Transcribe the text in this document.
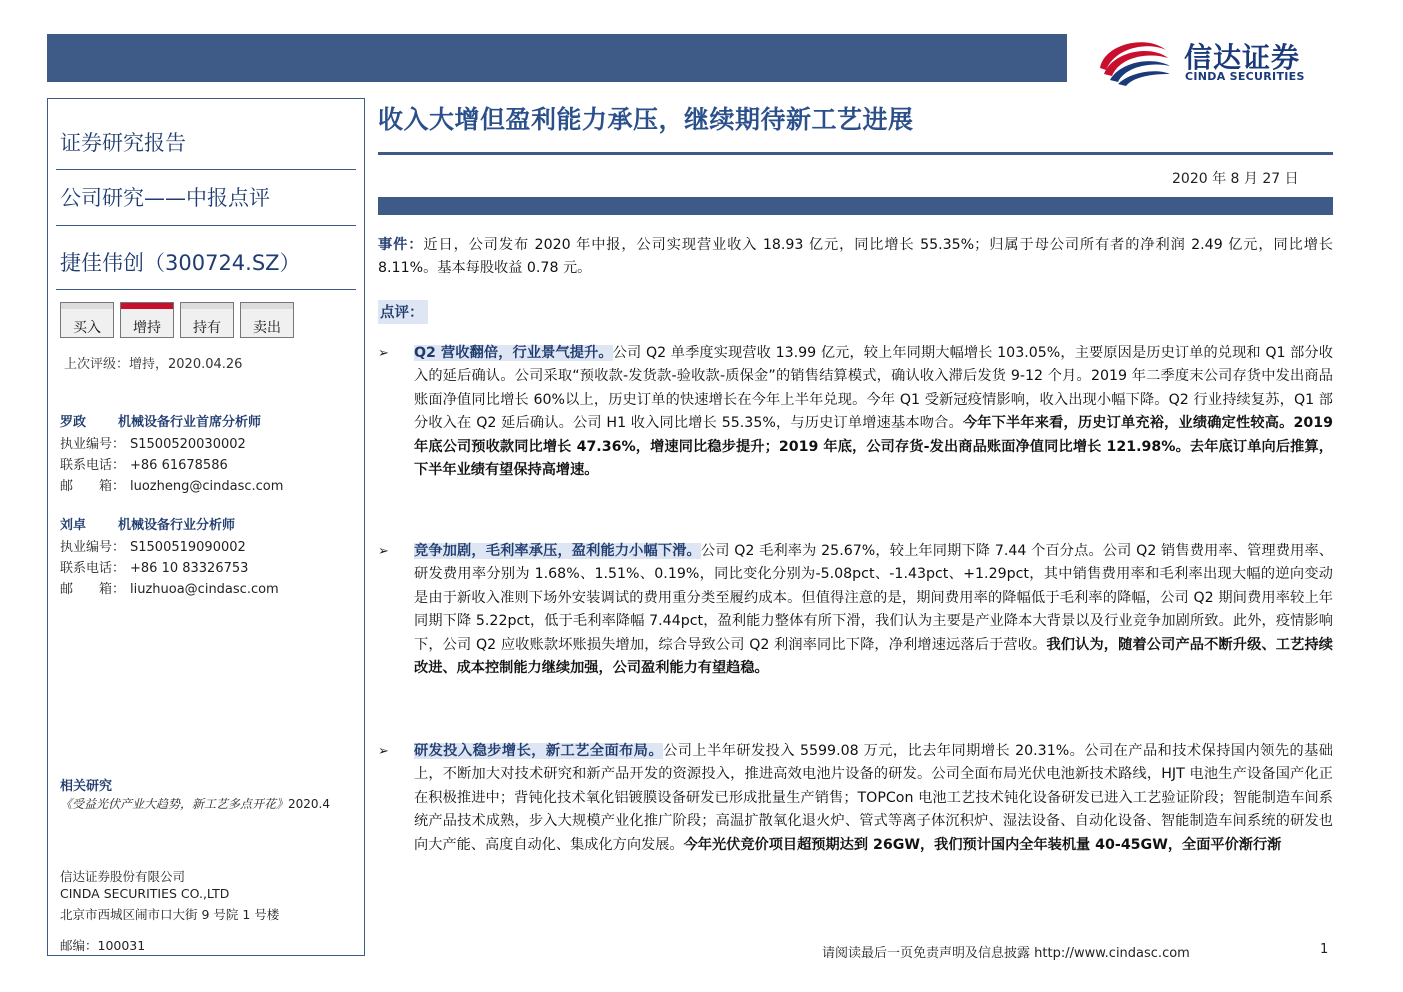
信达证券
CINDA SECURITIES
证券研究报告
公司研究——中报点评
捷佳伟创（300724.SZ）
买入	增持	持有	卖出
上次评级：增持，2020.04.26
罗政 机械设备行业首席分析师
执业编号： S1500520030002
联系电话： +86 61678586
邮　　箱： luozheng@cindasc.com
刘卓 机械设备行业分析师
执业编号： S1500519090002
联系电话： +86 10 83326753
邮　　箱： liuzhuoa@cindasc.com
相关研究
《受益光伏产业大趋势，新工艺多点开花》2020.4
信达证券股份有限公司
CINDA SECURITIES CO.,LTD
北京市西城区闹市口大街 9 号院 1 号楼
邮编：100031
收入大增但盈利能力承压，继续期待新工艺进展
2020 年 8 月 27 日

事件：近日，公司发布 2020 年中报，公司实现营业收入 18.93 亿元，同比增长 55.35%；归属于母公司所有者的净利润 2.49 亿元，同比增长 8.11%。基本每股收益 0.78 元。

点评：
➢	Q2 营收翻倍，行业景气提升。公司 Q2 单季度实现营收 13.99 亿元，较上年同期大幅增长 103.05%，主要原因是历史订单的兑现和 Q1 部分收入的延后确认。公司采取“预收款-发货款-验收款-质保金”的销售结算模式，确认收入滞后发货 9-12 个月。2019 年二季度末公司存货中发出商品账面净值同比增长 60%以上，历史订单的快速增长在今年上半年兑现。今年 Q1 受新冠疫情影响，收入出现小幅下降。Q2 行业持续复苏，Q1 部分收入在 Q2 延后确认。公司 H1 收入同比增长 55.35%，与历史订单增速基本吻合。今年下半年来看，历史订单充裕，业绩确定性较高。2019 年底公司预收款同比增长 47.36%，增速同比稳步提升；2019 年底，公司存货-发出商品账面净值同比增长 121.98%。去年底订单向后推算，下半年业绩有望保持高增速。

➢	竞争加剧，毛利率承压，盈利能力小幅下滑。公司 Q2 毛利率为 25.67%，较上年同期下降 7.44 个百分点。公司 Q2 销售费用率、管理费用率、研发费用率分别为 1.68%、1.51%、0.19%，同比变化分别为-5.08pct、-1.43pct、+1.29pct，其中销售费用率和毛利率出现大幅的逆向变动是由于新收入准则下场外安装调试的费用重分类至履约成本。但值得注意的是，期间费用率的降幅低于毛利率的降幅，公司 Q2 期间费用率较上年同期下降 5.22pct，低于毛利率降幅 7.44pct，盈利能力整体有所下滑，我们认为主要是产业降本大背景以及行业竞争加剧所致。此外，疫情影响下，公司 Q2 应收账款坏账损失增加，综合导致公司 Q2 利润率同比下降，净利增速远落后于营收。我们认为，随着公司产品不断升级、工艺持续改进、成本控制能力继续加强，公司盈利能力有望趋稳。

➢	研发投入稳步增长，新工艺全面布局。公司上半年研发投入 5599.08 万元，比去年同期增长 20.31%。公司在产品和技术保持国内领先的基础上，不断加大对技术研究和新产品开发的资源投入，推进高效电池片设备的研发。公司全面布局光伏电池新技术路线，HJT 电池生产设备国产化正在积极推进中；背钝化技术氧化铝镀膜设备研发已形成批量生产销售；TOPCon 电池工艺技术钝化设备研发已进入工艺验证阶段；智能制造车间系统产品技术成熟，步入大规模产业化推广阶段；高温扩散氧化退火炉、管式等离子体沉积炉、湿法设备、自动化设备、智能制造车间系统的研发也向大产能、高度自动化、集成化方向发展。今年光伏竞价项目超预期达到 26GW，我们预计国内全年装机量 40-45GW，全面平价渐行渐

请阅读最后一页免责声明及信息披露 http://www.cindasc.com	1
